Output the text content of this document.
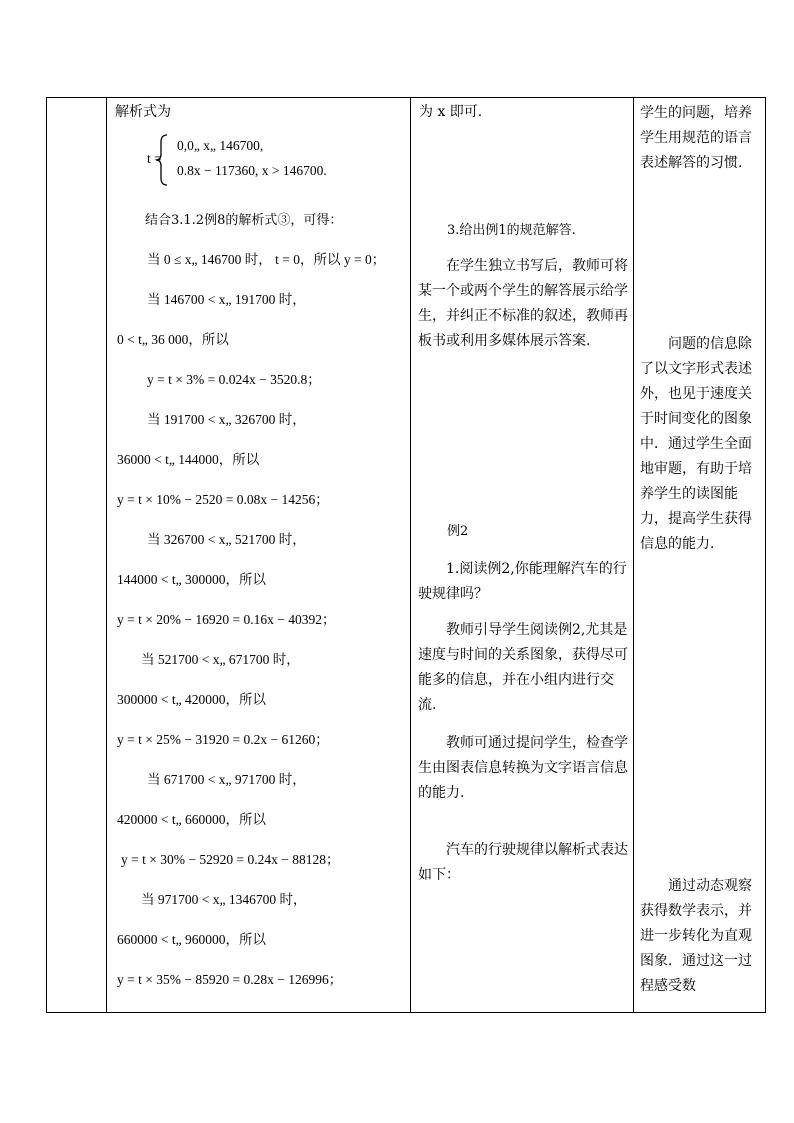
解析式为
t =
0,0„ x„ 146700,
0.8x − 117360, x > 146700.
结合3.1.2例8的解析式③，可得：
当 0 ≤ x„ 146700 时， t = 0，所以 y = 0；
当 146700 < x„ 191700 时，
0 < t„ 36 000，所以
y = t × 3% = 0.024x − 3520.8；
当 191700 < x„ 326700 时，
36000 < t„ 144000，所以
y = t × 10% − 2520 = 0.08x − 14256；
当 326700 < x„ 521700 时，
144000 < t„ 300000，所以
y = t × 20% − 16920 = 0.16x − 40392；
当 521700 < x„ 671700 时，
300000 < t„ 420000，所以
y = t × 25% − 31920 = 0.2x − 61260；
当 671700 < x„ 971700 时，
420000 < t„ 660000，所以
y = t × 30% − 52920 = 0.24x − 88128；
当 971700 < x„ 1346700 时，
660000 < t„ 960000，所以
y = t × 35% − 85920 = 0.28x − 126996；

为 x 即可.
3.给出例1的规范解答.
在学生独立书写后，教师可将某一个或两个学生的解答展示给学生，并纠正不标准的叙述，教师再板书或利用多媒体展示答案.
例2
1.阅读例2,你能理解汽车的行驶规律吗？
教师引导学生阅读例2,尤其是速度与时间的关系图象，获得尽可能多的信息，并在小组内进行交流.
教师可通过提问学生，检查学生由图表信息转换为文字语言信息的能力.
汽车的行驶规律以解析式表达如下：

学生的问题，培养学生用规范的语言表述解答的习惯.
问题的信息除了以文字形式表述外，也见于速度关于时间变化的图象中．通过学生全面地审题，有助于培养学生的读图能力，提高学生获得信息的能力.
通过动态观察获得数学表示，并进一步转化为直观图象．通过这一过程感受数
